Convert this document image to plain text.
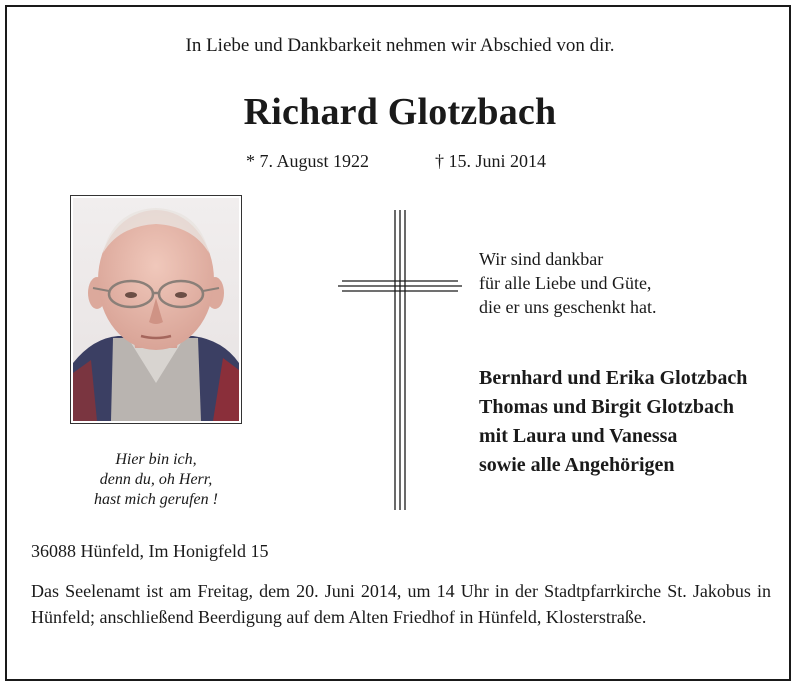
In Liebe und Dankbarkeit nehmen wir Abschied von dir.
Richard Glotzbach
* 7. August 1922	† 15. Juni 2014
Hier bin ich,
denn du, oh Herr,
hast mich gerufen !
Wir sind dankbar
für alle Liebe und Güte,
die er uns geschenkt hat.
Bernhard und Erika Glotzbach
Thomas und Birgit Glotzbach
mit Laura und Vanessa
sowie alle Angehörigen
36088 Hünfeld, Im Honigfeld 15
Das Seelenamt ist am Freitag, dem 20. Juni 2014, um 14 Uhr in der Stadtpfarrkirche St. Jakobus in Hünfeld; anschließend Beerdigung auf dem Alten Friedhof in Hünfeld, Klosterstraße.
